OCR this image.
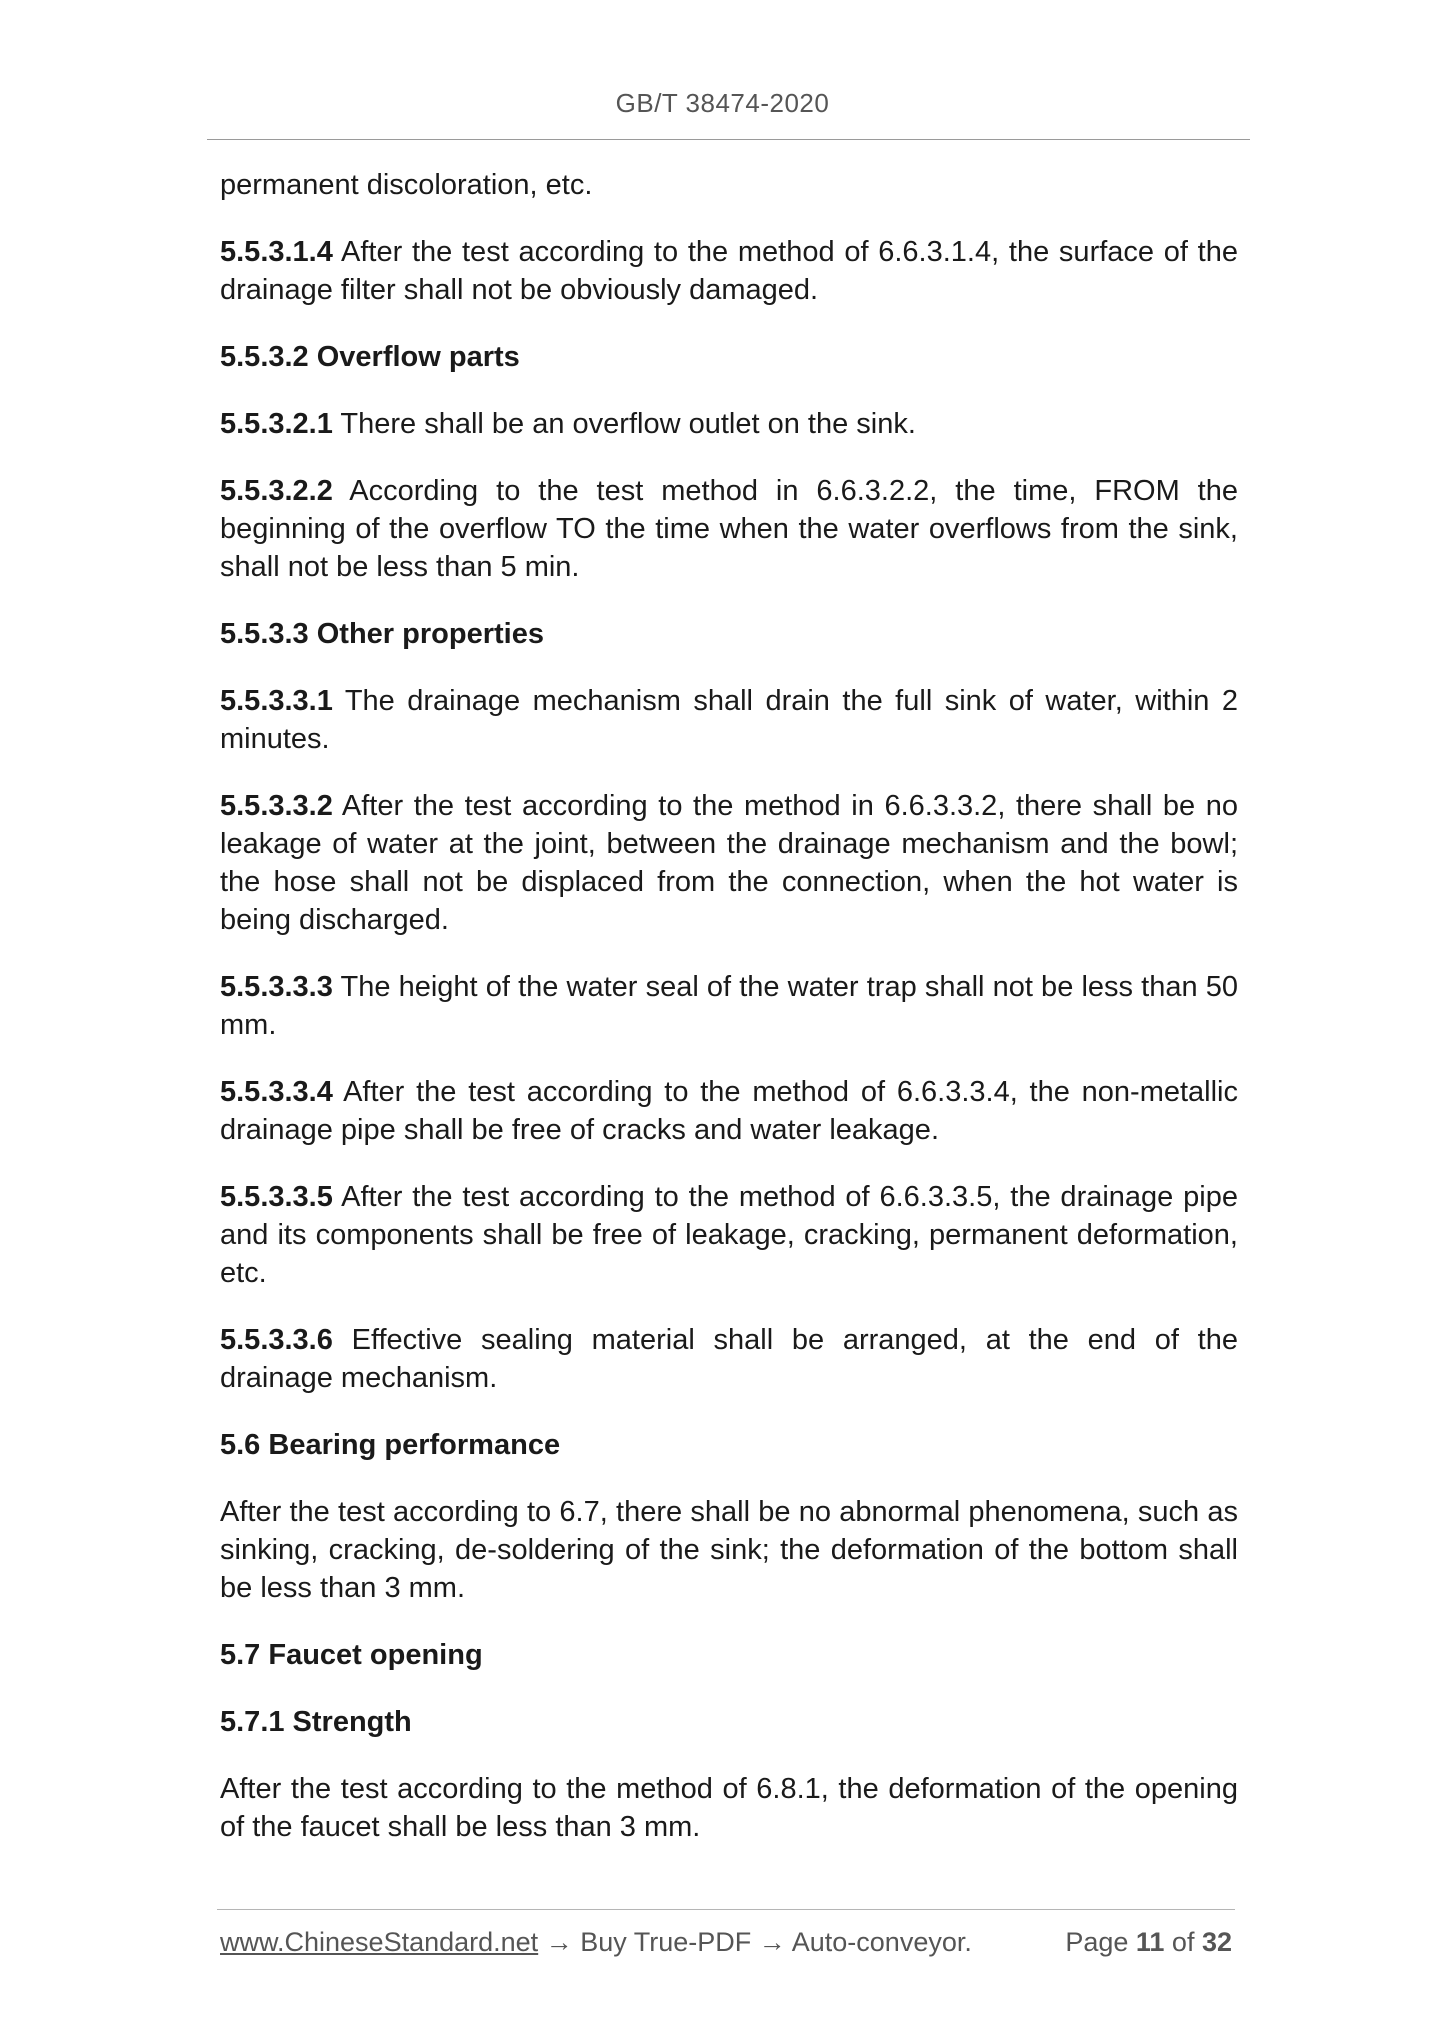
GB/T 38474-2020

permanent discoloration, etc.

5.5.3.1.4 After the test according to the method of 6.6.3.1.4, the surface of the drainage filter shall not be obviously damaged.

5.5.3.2 Overflow parts

5.5.3.2.1 There shall be an overflow outlet on the sink.

5.5.3.2.2 According to the test method in 6.6.3.2.2, the time, FROM the beginning of the overflow TO the time when the water overflows from the sink, shall not be less than 5 min.

5.5.3.3 Other properties

5.5.3.3.1 The drainage mechanism shall drain the full sink of water, within 2 minutes.

5.5.3.3.2 After the test according to the method in 6.6.3.3.2, there shall be no leakage of water at the joint, between the drainage mechanism and the bowl; the hose shall not be displaced from the connection, when the hot water is being discharged.

5.5.3.3.3 The height of the water seal of the water trap shall not be less than 50 mm.

5.5.3.3.4 After the test according to the method of 6.6.3.3.4, the non-metallic drainage pipe shall be free of cracks and water leakage.

5.5.3.3.5 After the test according to the method of 6.6.3.3.5, the drainage pipe and its components shall be free of leakage, cracking, permanent deformation, etc.

5.5.3.3.6 Effective sealing material shall be arranged, at the end of the drainage mechanism.

5.6 Bearing performance

After the test according to 6.7, there shall be no abnormal phenomena, such as sinking, cracking, de-soldering of the sink; the deformation of the bottom shall be less than 3 mm.

5.7 Faucet opening

5.7.1 Strength

After the test according to the method of 6.8.1, the deformation of the opening of the faucet shall be less than 3 mm.

www.ChineseStandard.net → Buy True-PDF → Auto-conveyor.	Page 11 of 32
